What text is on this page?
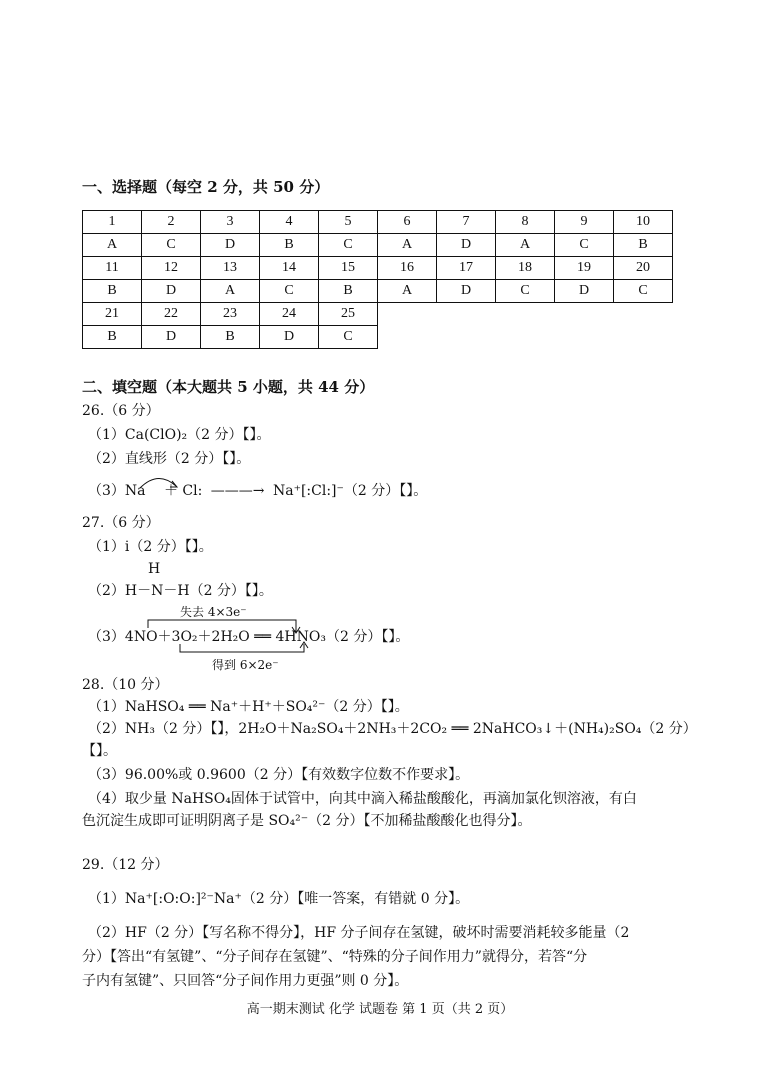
一、选择题（每空 2 分，共 50 分）
1	2	3	4	5	6	7	8	9	10
A	C	D	B	C	A	D	A	C	B
11	12	13	14	15	16	17	18	19	20
B	D	A	C	B	A	D	C	D	C
21	22	23	24	25					
B	D	B	D	C					
二、填空题（本大题共 5 小题，共 44 分）
26.（6 分）
（1）Ca(ClO)₂（2 分）【】。
（2）直线形（2 分）【】。
（3）Na ＋ Cl: ———→ Na⁺[:Cl:]⁻（2 分）【】。
27.（6 分）
（1）i（2 分）【】。
H
（2）H－N－H（2 分）【】。
失去 4×3e⁻
（3）4NO＋3O₂＋2H₂O ══ 4HNO₃（2 分）【】。
得到 6×2e⁻
28.（10 分）
（1）NaHSO₄ ══ Na⁺＋H⁺＋SO₄²⁻（2 分）【】。
（2）NH₃（2 分）【】，2H₂O＋Na₂SO₄＋2NH₃＋2CO₂ ══ 2NaHCO₃↓＋(NH₄)₂SO₄（2 分）
【】。
（3）96.00%或 0.9600（2 分）【有效数字位数不作要求】。
（4）取少量 NaHSO₄固体于试管中，向其中滴入稀盐酸酸化，再滴加氯化钡溶液，有白
色沉淀生成即可证明阴离子是 SO₄²⁻（2 分）【不加稀盐酸酸化也得分】。
29.（12 分）
（1）Na⁺[:O:O:]²⁻Na⁺（2 分）【唯一答案，有错就 0 分】。
（2）HF（2 分）【写名称不得分】，HF 分子间存在氢键，破坏时需要消耗较多能量（2
分）【答出“有氢键”、“分子间存在氢键”、“特殊的分子间作用力”就得分，若答“分
子内有氢键”、只回答“分子间作用力更强”则 0 分】。
高一期末测试 化学 试题卷 第 1 页（共 2 页）
